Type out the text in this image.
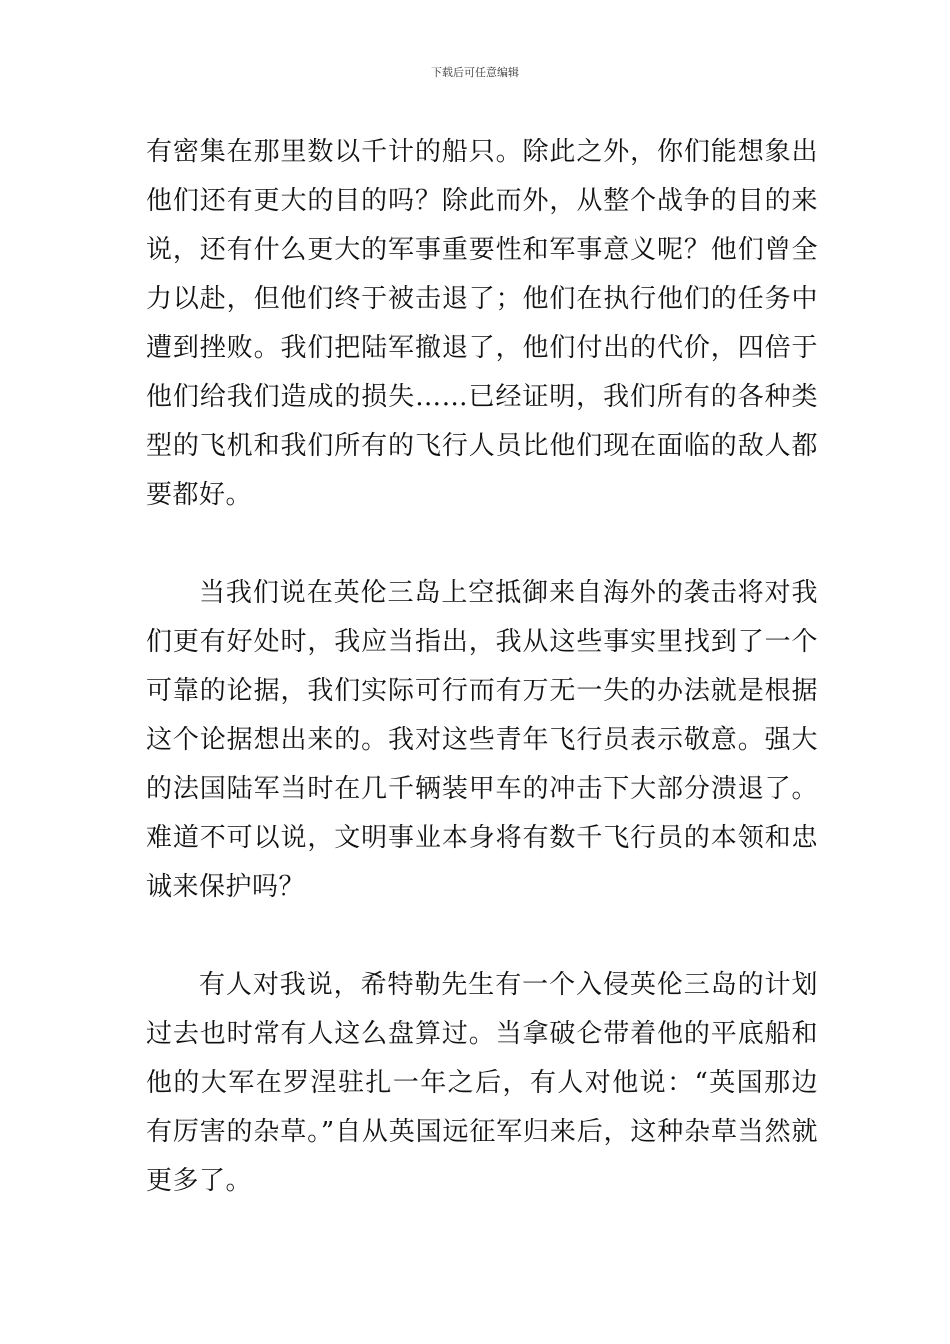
下载后可任意编辑

有密集在那里数以千计的船只。除此之外，你们能想象出他们还有更大的目的吗？除此而外，从整个战争的目的来说，还有什么更大的军事重要性和军事意义呢？他们曾全力以赴，但他们终于被击退了；他们在执行他们的任务中遭到挫败。我们把陆军撤退了，他们付出的代价，四倍于他们给我们造成的损失……已经证明，我们所有的各种类型的飞机和我们所有的飞行人员比他们现在面临的敌人都要都好。

当我们说在英伦三岛上空抵御来自海外的袭击将对我们更有好处时，我应当指出，我从这些事实里找到了一个可靠的论据，我们实际可行而有万无一失的办法就是根据这个论据想出来的。我对这些青年飞行员表示敬意。强大的法国陆军当时在几千辆装甲车的冲击下大部分溃退了。难道不可以说，文明事业本身将有数千飞行员的本领和忠诚来保护吗？

有人对我说，希特勒先生有一个入侵英伦三岛的计划过去也时常有人这么盘算过。当拿破仑带着他的平底船和他的大军在罗涅驻扎一年之后，有人对他说：“英国那边有厉害的杂草。”自从英国远征军归来后，这种杂草当然就更多了。
